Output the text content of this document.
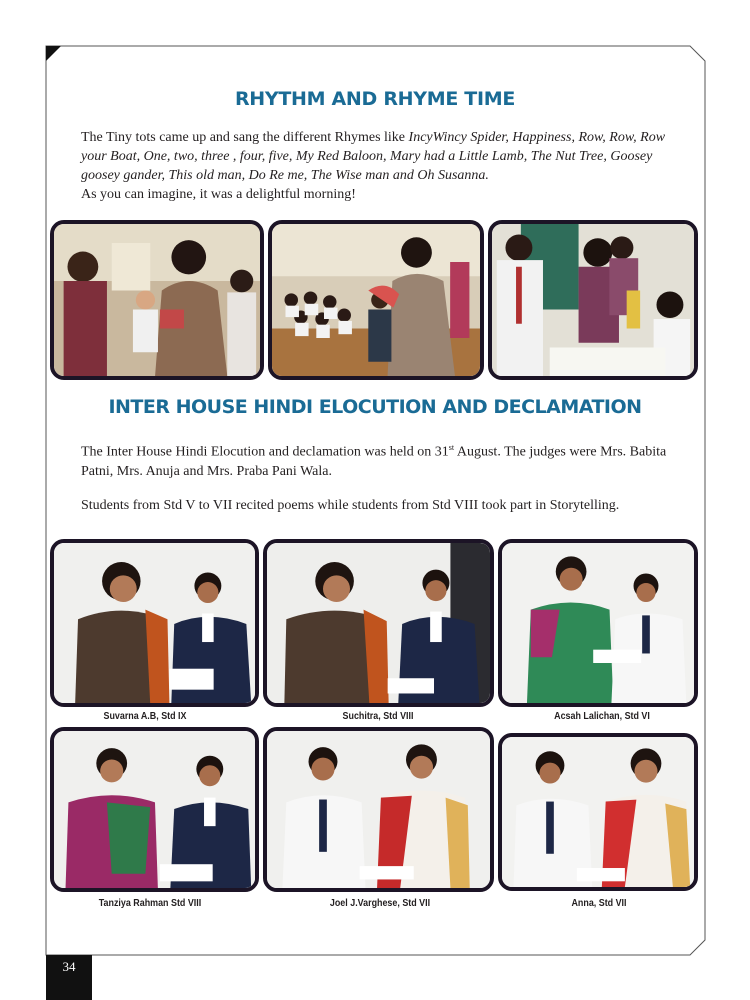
RHYTHM AND RHYME TIME

The Tiny tots came up and sang the different Rhymes like IncyWincy Spider, Happiness, Row, Row, Row your Boat, One, two, three , four, five, My Red Baloon, Mary had a Little Lamb, The Nut Tree, Goosey goosey gander, This old man, Do Re me, The Wise man and Oh Susanna.
As you can imagine, it was a delightful morning!

INTER HOUSE HINDI ELOCUTION AND DECLAMATION

The Inter House Hindi Elocution and declamation was held on 31st August. The judges were Mrs. Babita Patni, Mrs. Anuja and Mrs. Praba Pani Wala.

Students from Std V to VII recited poems while students from Std VIII took part in Storytelling.

Suvarna A.B, Std IX	Suchitra, Std VIII	Acsah Lalichan, Std VI
Tanziya Rahman Std VIII	Joel J.Varghese, Std VII	Anna, Std VII
34
